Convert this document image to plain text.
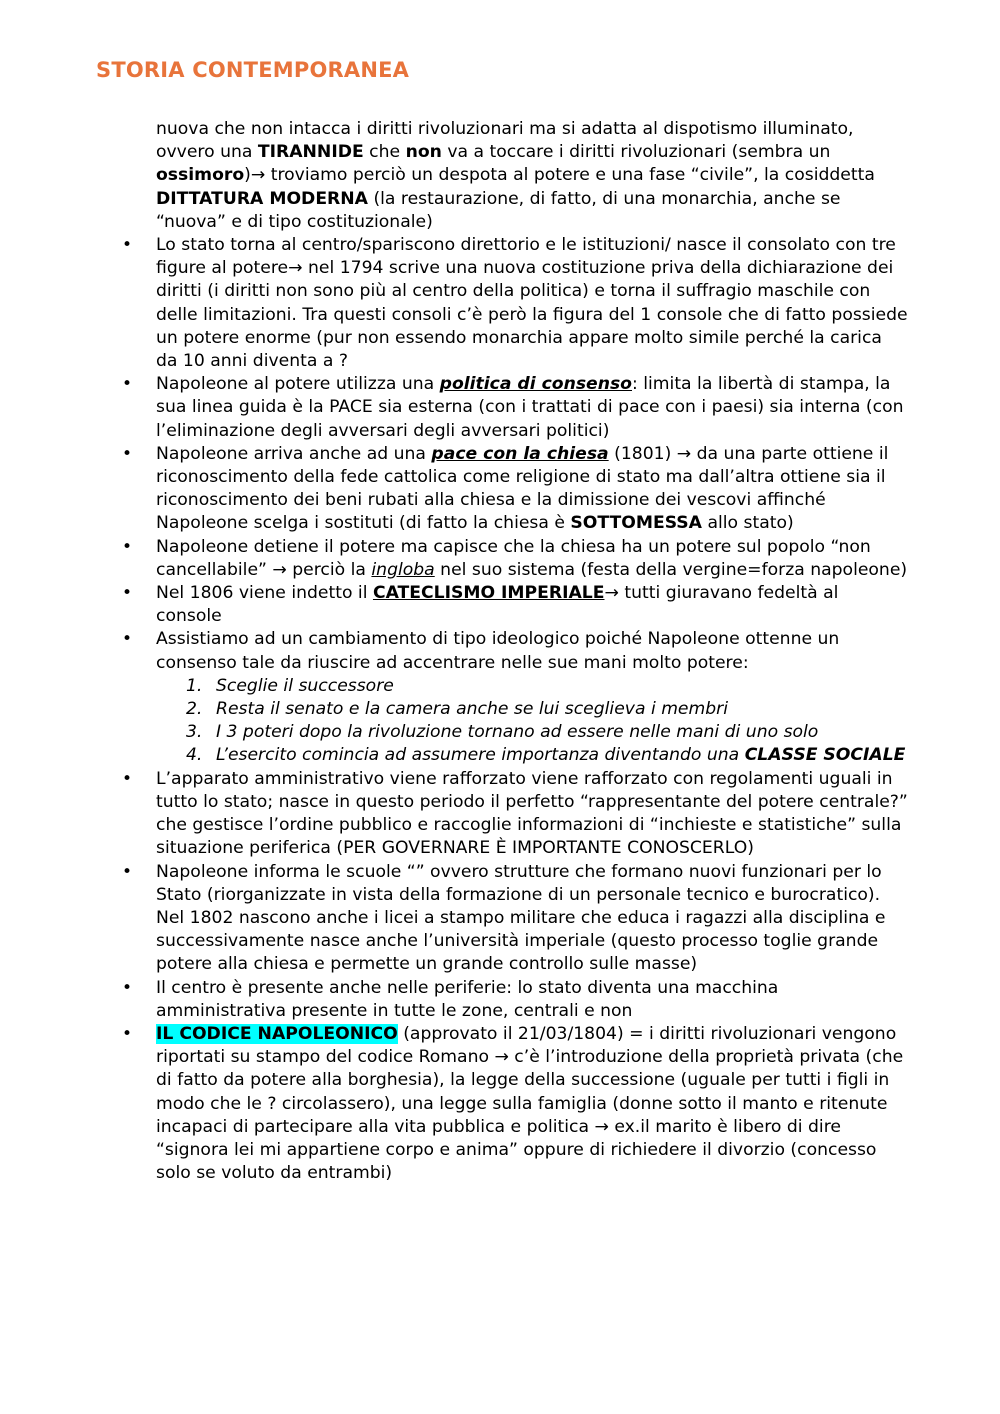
STORIA CONTEMPORANEA

nuova che non intacca i diritti rivoluzionari ma si adatta al dispotismo illuminato, ovvero una TIRANNIDE che non va a toccare i diritti rivoluzionari (sembra un ossimoro)→ troviamo perciò un despota al potere e una fase “civile”, la cosiddetta DITTATURA MODERNA (la restaurazione, di fatto, di una monarchia, anche se “nuova” e di tipo costituzionale)

• Lo stato torna al centro/spariscono direttorio e le istituzioni/ nasce il consolato con tre figure al potere→ nel 1794 scrive una nuova costituzione priva della dichiarazione dei diritti (i diritti non sono più al centro della politica) e torna il suffragio maschile con delle limitazioni. Tra questi consoli c’è però la figura del 1 console che di fatto possiede un potere enorme (pur non essendo monarchia appare molto simile perché la carica da 10 anni diventa a ?
• Napoleone al potere utilizza una politica di consenso: limita la libertà di stampa, la sua linea guida è la PACE sia esterna (con i trattati di pace con i paesi) sia interna (con l’eliminazione degli avversari degli avversari politici)
• Napoleone arriva anche ad una pace con la chiesa (1801) → da una parte ottiene il riconoscimento della fede cattolica come religione di stato ma dall’altra ottiene sia il riconoscimento dei beni rubati alla chiesa e la dimissione dei vescovi affinché Napoleone scelga i sostituti (di fatto la chiesa è SOTTOMESSA allo stato)
• Napoleone detiene il potere ma capisce che la chiesa ha un potere sul popolo “non cancellabile” → perciò la ingloba nel suo sistema (festa della vergine=forza napoleone)
• Nel 1806 viene indetto il CATECLISMO IMPERIALE→ tutti giuravano fedeltà al console
• Assistiamo ad un cambiamento di tipo ideologico poiché Napoleone ottenne un consenso tale da riuscire ad accentrare nelle sue mani molto potere:
1. Sceglie il successore
2. Resta il senato e la camera anche se lui sceglieva i membri
3. I 3 poteri dopo la rivoluzione tornano ad essere nelle mani di uno solo
4. L’esercito comincia ad assumere importanza diventando una CLASSE SOCIALE
• L’apparato amministrativo viene rafforzato viene rafforzato con regolamenti uguali in tutto lo stato; nasce in questo periodo il perfetto “rappresentante del potere centrale?” che gestisce l’ordine pubblico e raccoglie informazioni di “inchieste e statistiche” sulla situazione periferica (PER GOVERNARE È IMPORTANTE CONOSCERLO)
• Napoleone informa le scuole “” ovvero strutture che formano nuovi funzionari per lo Stato (riorganizzate in vista della formazione di un personale tecnico e burocratico). Nel 1802 nascono anche i licei a stampo militare che educa i ragazzi alla disciplina e successivamente nasce anche l’università imperiale (questo processo toglie grande potere alla chiesa e permette un grande controllo sulle masse)
• Il centro è presente anche nelle periferie: lo stato diventa una macchina amministrativa presente in tutte le zone, centrali e non
• IL CODICE NAPOLEONICO (approvato il 21/03/1804) = i diritti rivoluzionari vengono riportati su stampo del codice Romano → c’è l’introduzione della proprietà privata (che di fatto da potere alla borghesia), la legge della successione (uguale per tutti i figli in modo che le ? circolassero), una legge sulla famiglia (donne sotto il manto e ritenute incapaci di partecipare alla vita pubblica e politica → ex.il marito è libero di dire “signora lei mi appartiene corpo e anima” oppure di richiedere il divorzio (concesso solo se voluto da entrambi)
